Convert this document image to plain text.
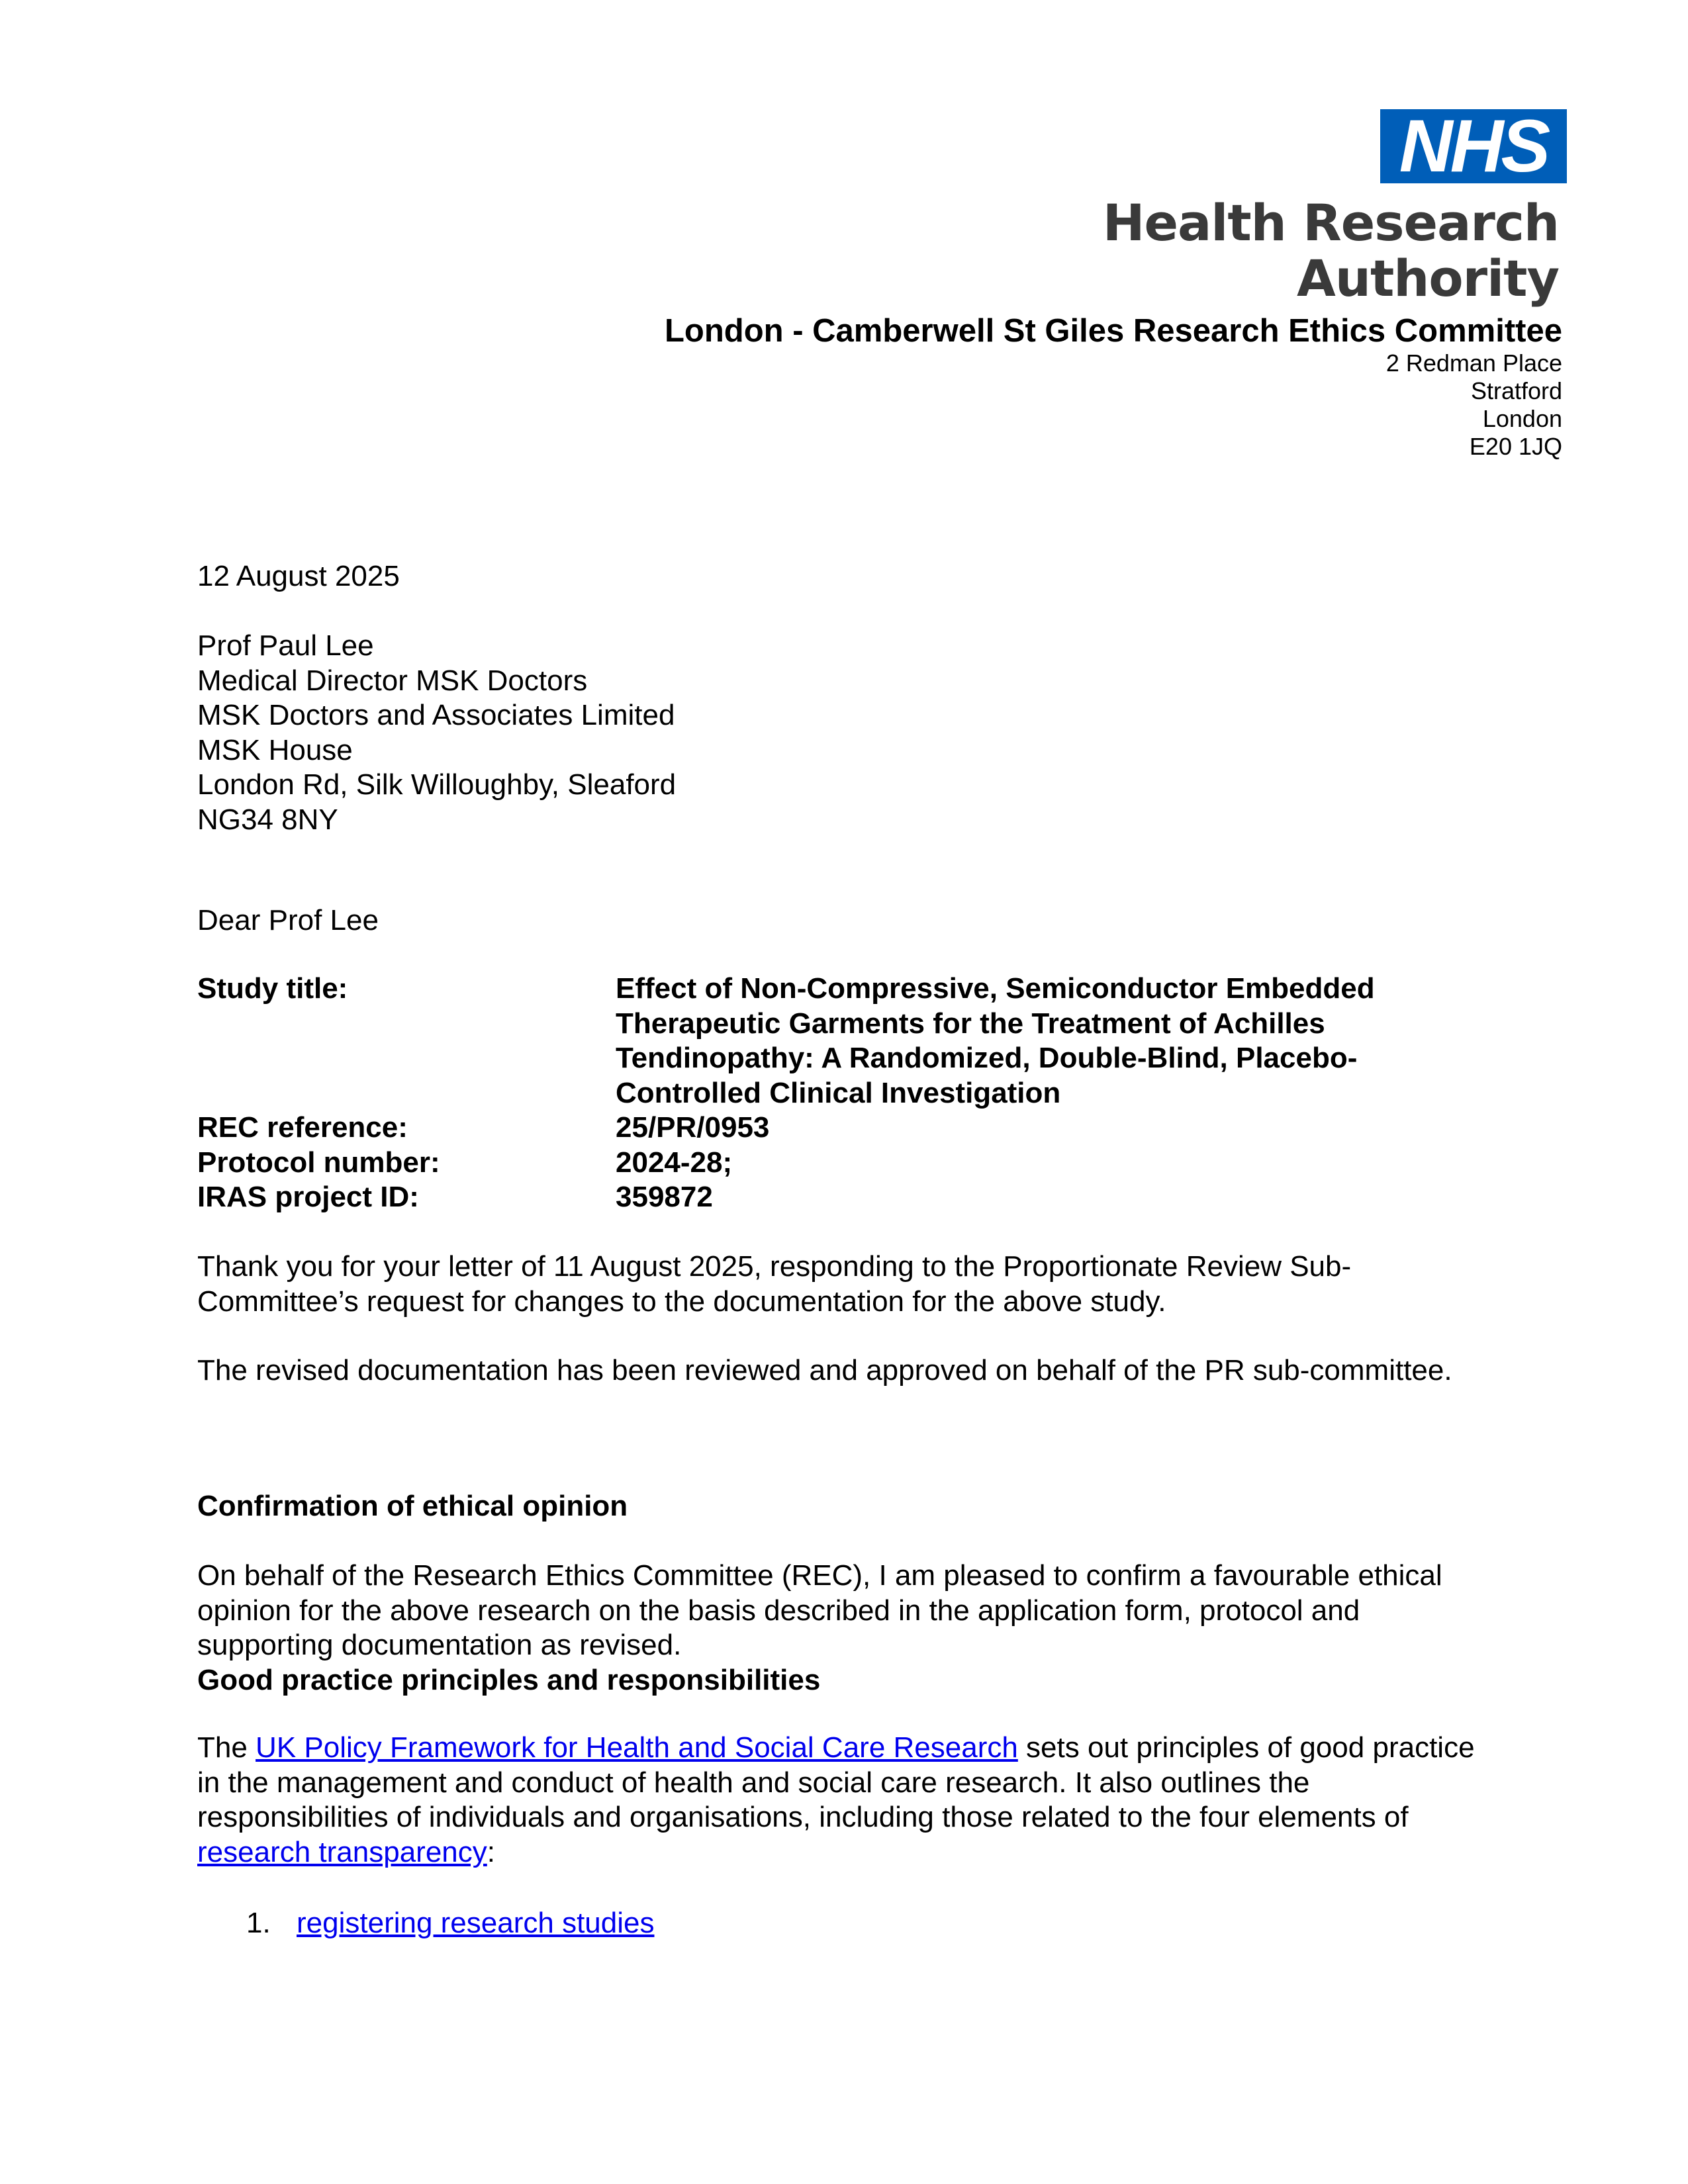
NHS
Health Research
Authority
London - Camberwell St Giles Research Ethics Committee
2 Redman Place
Stratford
London
E20 1JQ
12 August 2025
Prof Paul Lee
Medical Director MSK Doctors
MSK Doctors and Associates Limited
MSK House
London Rd, Silk Willoughby, Sleaford
NG34 8NY
Dear Prof Lee
Study title:	Effect of Non-Compressive, Semiconductor Embedded Therapeutic Garments for the Treatment of Achilles Tendinopathy: A Randomized, Double-Blind, Placebo-Controlled Clinical Investigation
REC reference:	25/PR/0953
Protocol number:	2024-28;
IRAS project ID:	359872
Thank you for your letter of 11 August 2025, responding to the Proportionate Review Sub-Committee’s request for changes to the documentation for the above study.
The revised documentation has been reviewed and approved on behalf of the PR sub-committee.
Confirmation of ethical opinion
On behalf of the Research Ethics Committee (REC), I am pleased to confirm a favourable ethical opinion for the above research on the basis described in the application form, protocol and supporting documentation as revised.
Good practice principles and responsibilities
The UK Policy Framework for Health and Social Care Research sets out principles of good practice in the management and conduct of health and social care research. It also outlines the responsibilities of individuals and organisations, including those related to the four elements of research transparency:
1. registering research studies
